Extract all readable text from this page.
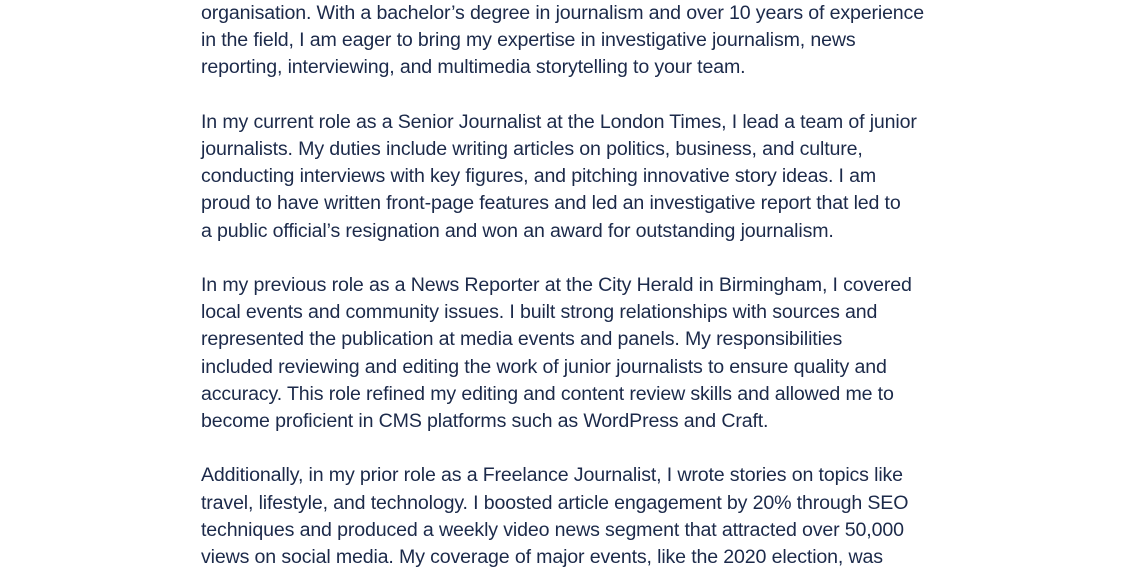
organisation. With a bachelor’s degree in journalism and over 10 years of experience
in the field, I am eager to bring my expertise in investigative journalism, news
reporting, interviewing, and multimedia storytelling to your team.
In my current role as a Senior Journalist at the London Times, I lead a team of junior
journalists. My duties include writing articles on politics, business, and culture,
conducting interviews with key figures, and pitching innovative story ideas. I am
proud to have written front-page features and led an investigative report that led to
a public official’s resignation and won an award for outstanding journalism.
In my previous role as a News Reporter at the City Herald in Birmingham, I covered
local events and community issues. I built strong relationships with sources and
represented the publication at media events and panels. My responsibilities
included reviewing and editing the work of junior journalists to ensure quality and
accuracy. This role refined my editing and content review skills and allowed me to
become proficient in CMS platforms such as WordPress and Craft.
Additionally, in my prior role as a Freelance Journalist, I wrote stories on topics like
travel, lifestyle, and technology. I boosted article engagement by 20% through SEO
techniques and produced a weekly video news segment that attracted over 50,000
views on social media. My coverage of major events, like the 2020 election, was
